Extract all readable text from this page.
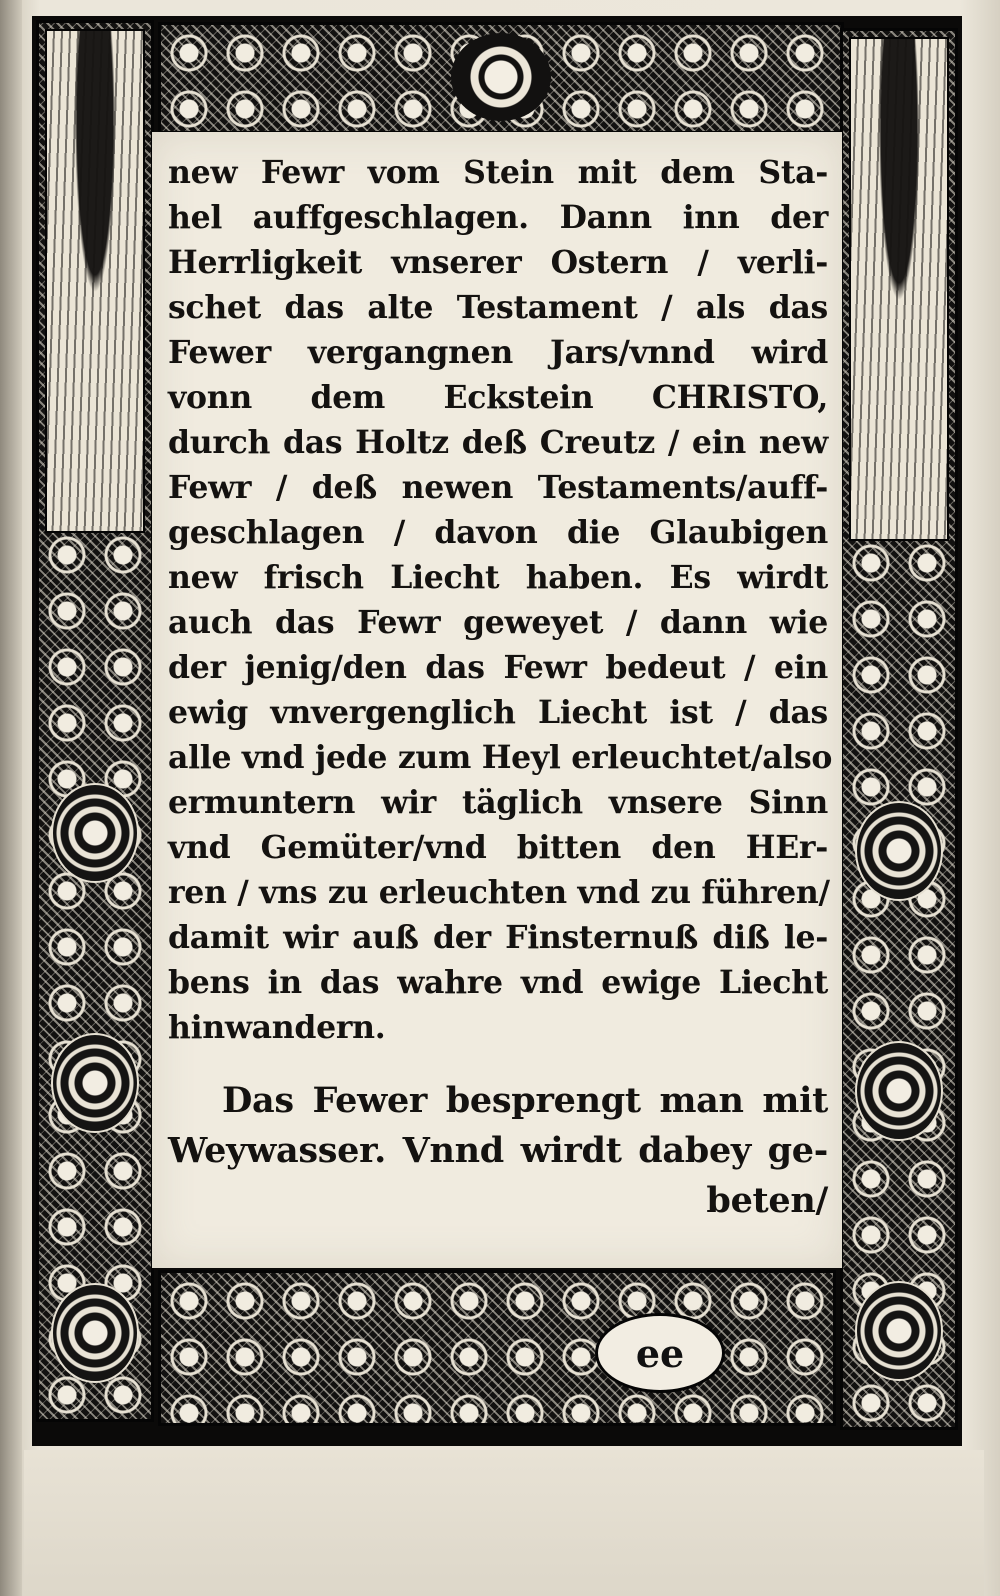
new Fewr vom Stein mit dem Sta-
hel auffgeschlagen. Dann inn der
Herrligkeit vnserer Ostern / verli-
schet das alte Testament / als das
Fewer vergangnen Jars/vnnd wird
vonn dem Eckstein CHRISTO,
durch das Holtz deß Creutz / ein new
Fewr / deß newen Testaments/auff-
geschlagen / davon die Glaubigen
new frisch Liecht haben. Es wirdt
auch das Fewr geweyet / dann wie
der jenig/den das Fewr bedeut / ein
ewig vnvergenglich Liecht ist / das
alle vnd jede zum Heyl erleuchtet/also
ermuntern wir täglich vnsere Sinn
vnd Gemüter/vnd bitten den HEr-
ren / vns zu erleuchten vnd zu führen/
damit wir auß der Finsternuß diß le-
bens in das wahre vnd ewige Liecht
hinwandern.
Das Fewer besprengt man mit
Weywasser. Vnnd wirdt dabey ge-
beten/
ee
